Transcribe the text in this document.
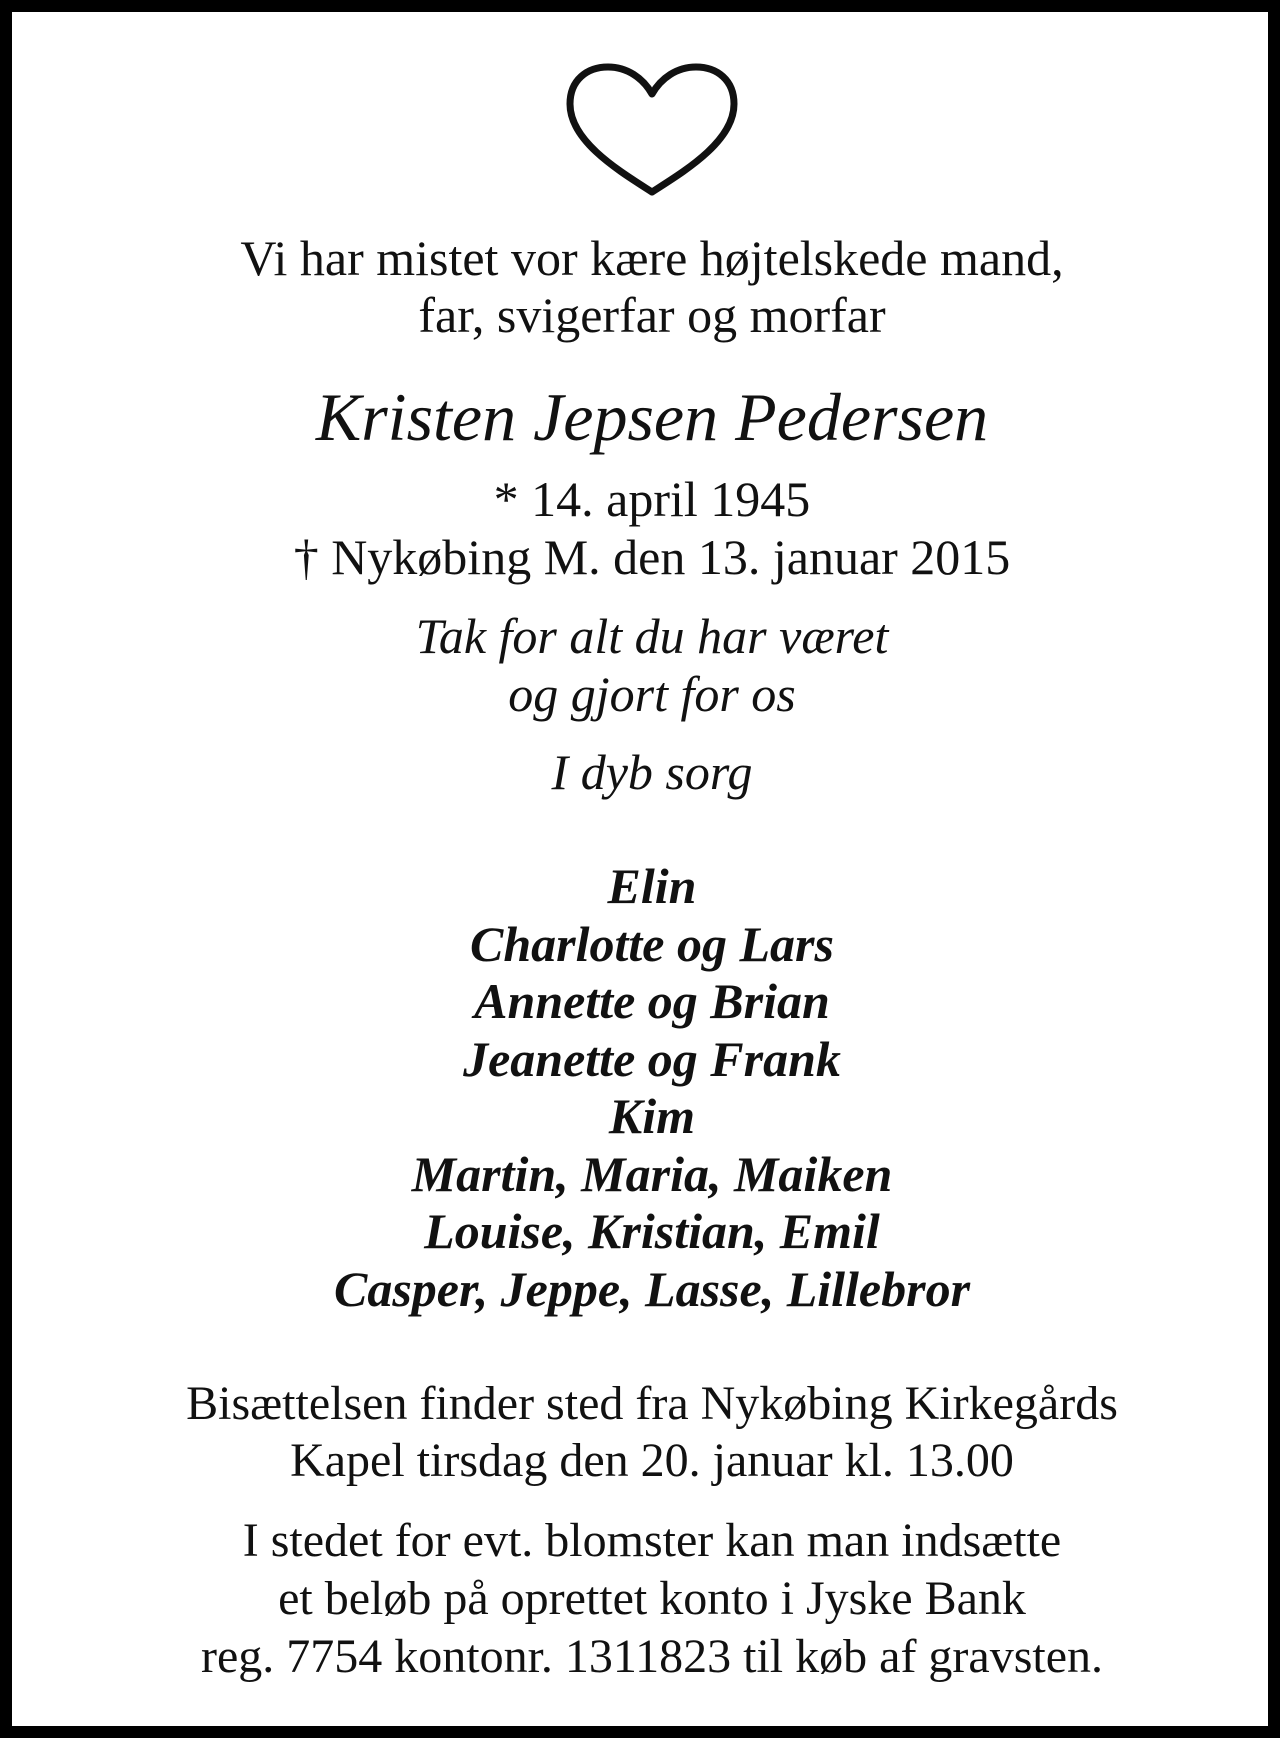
Vi har mistet vor kære højtelskede mand,
far, svigerfar og morfar
Kristen Jepsen Pedersen
* 14. april 1945
† Nykøbing M. den 13. januar 2015
Tak for alt du har været
og gjort for os
I dyb sorg
Elin
Charlotte og Lars
Annette og Brian
Jeanette og Frank
Kim
Martin, Maria, Maiken
Louise, Kristian, Emil
Casper, Jeppe, Lasse, Lillebror
Bisættelsen finder sted fra Nykøbing Kirkegårds
Kapel tirsdag den 20. januar kl. 13.00
I stedet for evt. blomster kan man indsætte
et beløb på oprettet konto i Jyske Bank
reg. 7754 kontonr. 1311823 til køb af gravsten.
